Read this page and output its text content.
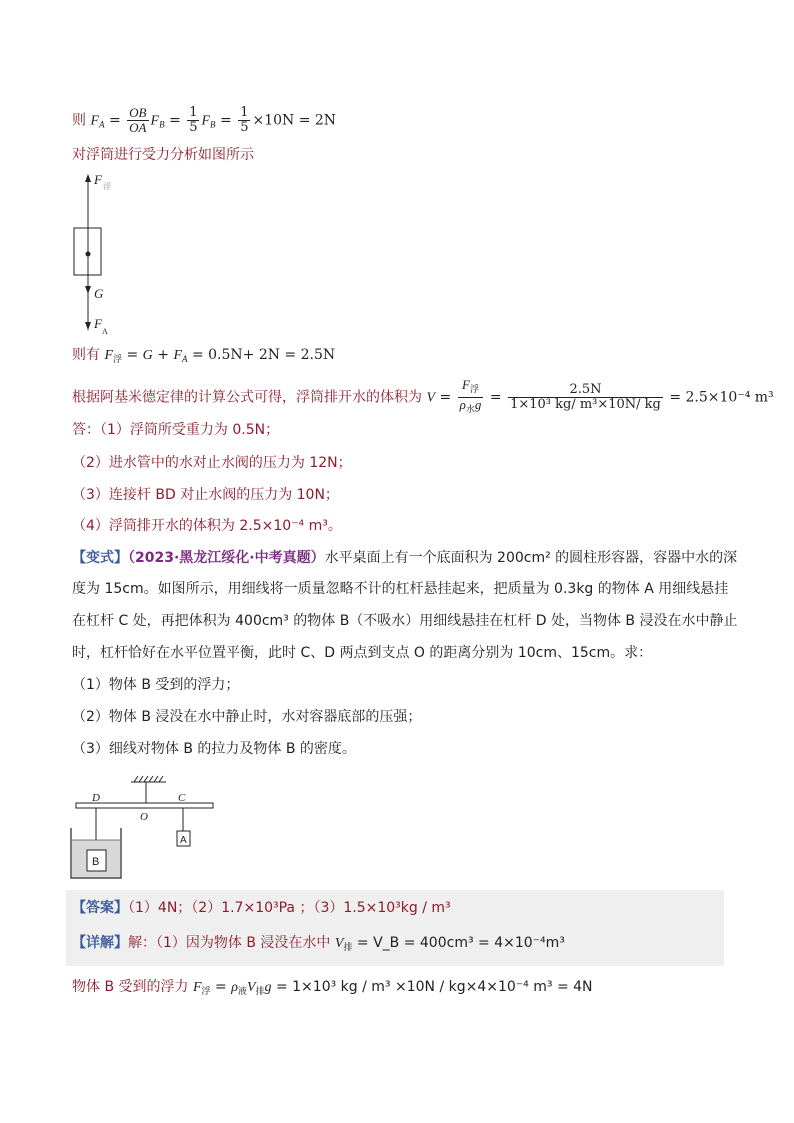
则 $F_A = \frac{OB}{OA} F_B = \frac{1}{5} F_B = \frac{1}{5} \times 10N = 2N$
对浮筒进行受力分析如图所示
F 浮
G
F
A
则有 $F_浮 = G + F_A = 0.5N+ 2N = 2.5N$
根据阿基米德定律的计算公式可得，浮筒排开水的体积为 $V = \frac{F_浮}{\rho_水g} = \frac{2.5N}{\text{1×10³ kg/ m³×10N/ kg}} = 2.5\times 10^{-4}$ m³
答：（1）浮筒所受重力为 0.5N；
（2）进水管中的水对止水阀的压力为 12N；
（3）连接杆 BD 对止水阀的压力为 10N；
（4）浮筒排开水的体积为 2.5×10⁻⁴ m³。
【变式】（2023·黑龙江绥化·中考真题）水平桌面上有一个底面积为 200cm² 的圆柱形容器，容器中水的深
度为 15cm。如图所示，用细线将一质量忽略不计的杠杆悬挂起来，把质量为 0.3kg 的物体 A 用细线悬挂
在杠杆 C 处，再把体积为 400cm³ 的物体 B（不吸水）用细线悬挂在杠杆 D 处，当物体 B 浸没在水中静止
时，杠杆恰好在水平位置平衡，此时 C、D 两点到支点 O 的距离分别为 10cm、15cm。求：
（1）物体 B 受到的浮力；
（2）物体 B 浸没在水中静止时，水对容器底部的压强；
（3）细线对物体 B 的拉力及物体 B 的密度。
D
O
C
A
B
【答案】（1）4N；（2）1.7×10³Pa ；（3）1.5×10³kg / m³
【详解】解：（1）因为物体 B 浸没在水中 $V_排$ = V_B = 400cm³ = 4×10⁻⁴m³
物体 B 受到的浮力 $F_浮 = \rho_液V_排g = 1\times 10^3$ kg / m³ ×10N / kg×4×10⁻⁴ m³ = 4N
